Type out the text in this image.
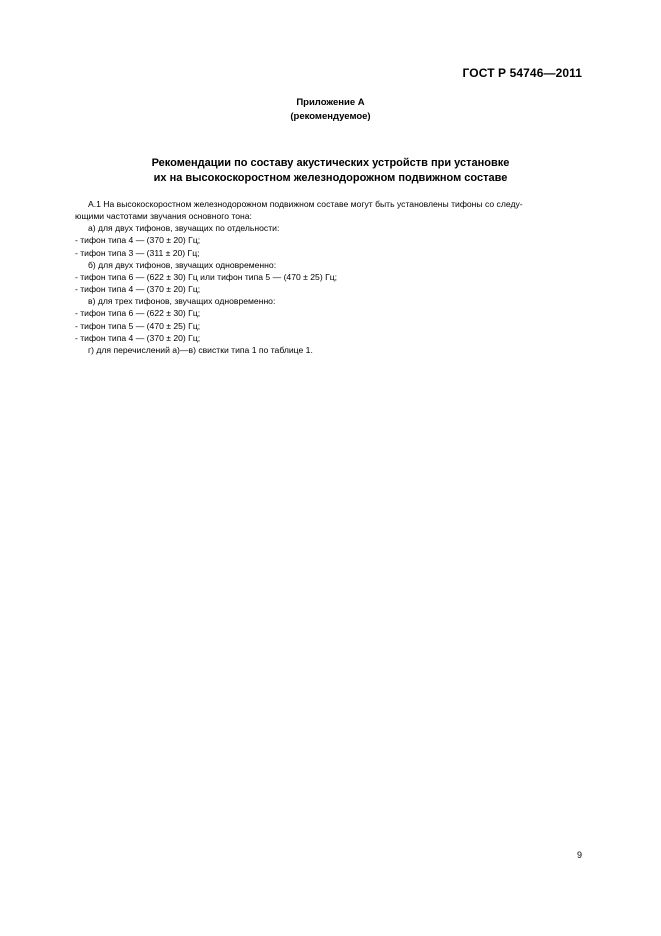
ГОСТ Р 54746—2011
Приложение А
(рекомендуемое)
Рекомендации по составу акустических устройств при установке
их на высокоскоростном железнодорожном подвижном составе
А.1 На высокоскоростном железнодорожном подвижном составе могут быть установлены тифоны со следу-
ющими частотами звучания основного тона:
а) для двух тифонов, звучащих по отдельности:
- тифон типа 4 — (370 ± 20) Гц;
- тифон типа 3 — (311 ± 20) Гц;
б) для двух тифонов, звучащих одновременно:
- тифон типа 6 — (622 ± 30) Гц или тифон типа 5 — (470 ± 25) Гц;
- тифон типа 4 — (370 ± 20) Гц;
в) для трех тифонов, звучащих одновременно:
- тифон типа 6 — (622 ± 30) Гц;
- тифон типа 5 — (470 ± 25) Гц;
- тифон типа 4 — (370 ± 20) Гц;
г) для перечислений а)—в) свистки типа 1 по таблице 1.
9
